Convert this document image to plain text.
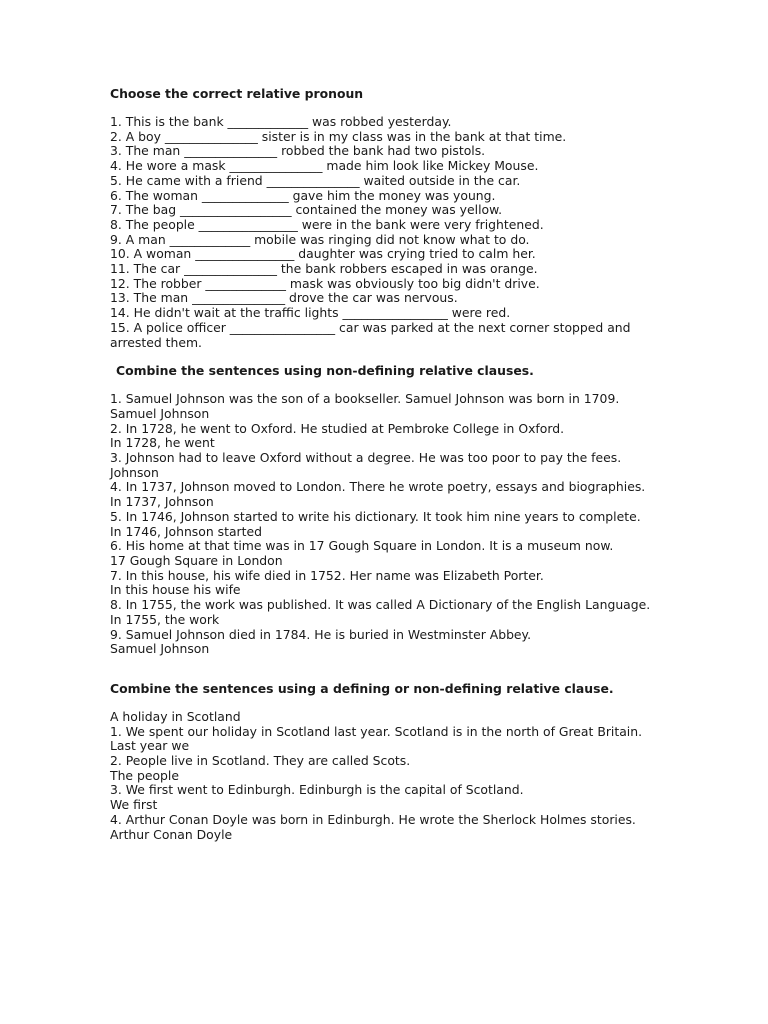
Choose the correct relative pronoun
1. This is the bank _____________ was robbed yesterday.
2. A boy _______________ sister is in my class was in the bank at that time.
3. The man _______________ robbed the bank had two pistols.
4. He wore a mask _______________ made him look like Mickey Mouse.
5. He came with a friend _______________ waited outside in the car.
6. The woman ______________ gave him the money was young.
7. The bag __________________ contained the money was yellow.
8. The people ________________ were in the bank were very frightened.
9. A man _____________ mobile was ringing did not know what to do.
10. A woman ________________ daughter was crying tried to calm her.
11. The car _______________ the bank robbers escaped in was orange.
12. The robber _____________ mask was obviously too big didn't drive.
13. The man _______________ drove the car was nervous.
14. He didn't wait at the traffic lights _________________ were red.
15. A police officer _________________ car was parked at the next corner stopped and arrested them.
Combine the sentences using non-defining relative clauses.
1. Samuel Johnson was the son of a bookseller. Samuel Johnson was born in 1709.
Samuel Johnson
2. In 1728, he went to Oxford. He studied at Pembroke College in Oxford.
In 1728, he went
3. Johnson had to leave Oxford without a degree. He was too poor to pay the fees.
Johnson
4. In 1737, Johnson moved to London. There he wrote poetry, essays and biographies.
In 1737, Johnson
5. In 1746, Johnson started to write his dictionary. It took him nine years to complete.
In 1746, Johnson started
6. His home at that time was in 17 Gough Square in London. It is a museum now.
17 Gough Square in London
7. In this house, his wife died in 1752. Her name was Elizabeth Porter.
In this house his wife
8. In 1755, the work was published. It was called A Dictionary of the English Language.
In 1755, the work
9. Samuel Johnson died in 1784. He is buried in Westminster Abbey.
Samuel Johnson
Combine the sentences using a defining or non-defining relative clause.
A holiday in Scotland
1. We spent our holiday in Scotland last year. Scotland is in the north of Great Britain.
Last year we
2. People live in Scotland. They are called Scots.
The people
3. We first went to Edinburgh. Edinburgh is the capital of Scotland.
We first
4. Arthur Conan Doyle was born in Edinburgh. He wrote the Sherlock Holmes stories.
Arthur Conan Doyle
